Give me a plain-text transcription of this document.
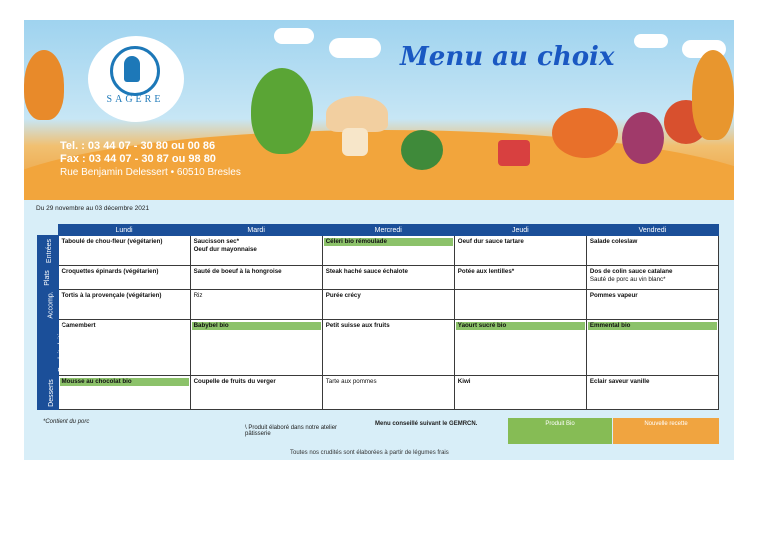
SAGERE
Menu au choix
Tel. : 03 44 07 - 30 80 ou 00 86
Fax : 03 44 07 - 30 87 ou 98 80
Rue Benjamin Delessert • 60510 Bresles
Du 29 novembre au 03 décembre 2021
	Lundi	Mardi	Mercredi	Jeudi	Vendredi
Entrées	Taboulé de chou-fleur (végétarien)	Saucisson sec*
Oeuf dur mayonnaise	Céleri bio rémoulade	Oeuf dur sauce tartare	Salade coleslaw

Plats	Croquettes épinards (végétarien)	Sauté de boeuf à la hongroise	Steak haché sauce échalote	Potée aux lentilles*	Dos de colin sauce catalane
Sauté de porc au vin blanc*

Accomp.	Tortis à la provençale (végétarien)	Riz	Purée crécy		Pommes vapeur

Produits laitiers	Camembert	Babybel bio	Petit suisse aux fruits	Yaourt sucré bio	Emmental bio

Desserts	Mousse au chocolat bio	Coupelle de fruits du verger	Tarte aux pommes	Kiwi	Eclair saveur vanille
*Contient du porc
\ Produit élaboré dans notre atelier pâtisserie
Menu conseillé suivant le GEMRCN.	Produit Bio	Nouvelle recette
Toutes nos crudités sont élaborées à partir de légumes frais
